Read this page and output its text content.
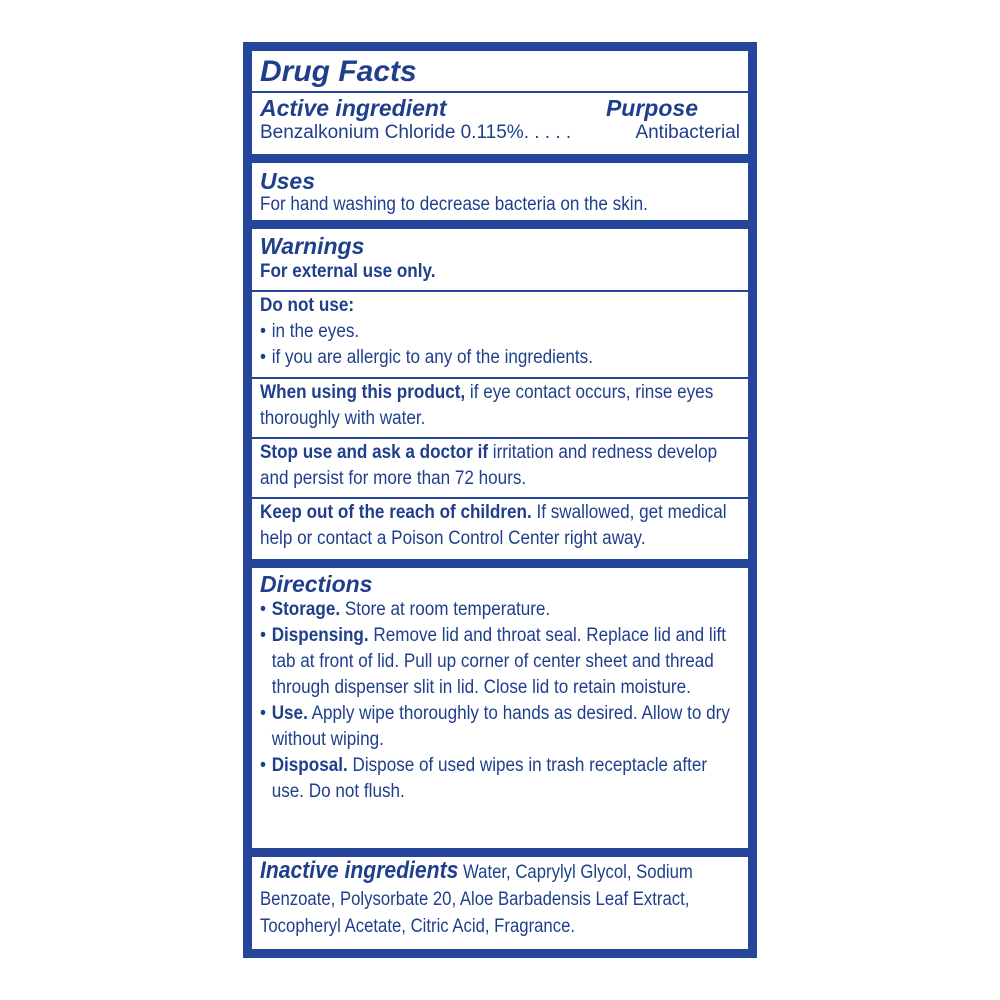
Drug Facts
Active ingredient	Purpose
Benzalkonium Chloride 0.115%. . . . .	Antibacterial
Uses
For hand washing to decrease bacteria on the skin.
Warnings
For external use only.
Do not use:
• in the eyes.
• if you are allergic to any of the ingredients.
When using this product, if eye contact occurs, rinse eyes thoroughly with water.
Stop use and ask a doctor if irritation and redness develop and persist for more than 72 hours.
Keep out of the reach of children. If swallowed, get medical help or contact a Poison Control Center right away.
Directions
• Storage. Store at room temperature.
• Dispensing. Remove lid and throat seal. Replace lid and lift tab at front of lid. Pull up corner of center sheet and thread through dispenser slit in lid. Close lid to retain moisture.
• Use. Apply wipe thoroughly to hands as desired. Allow to dry without wiping.
• Disposal. Dispose of used wipes in trash receptacle after use. Do not flush.
Inactive ingredients Water, Caprylyl Glycol, Sodium Benzoate, Polysorbate 20, Aloe Barbadensis Leaf Extract, Tocopheryl Acetate, Citric Acid, Fragrance.
